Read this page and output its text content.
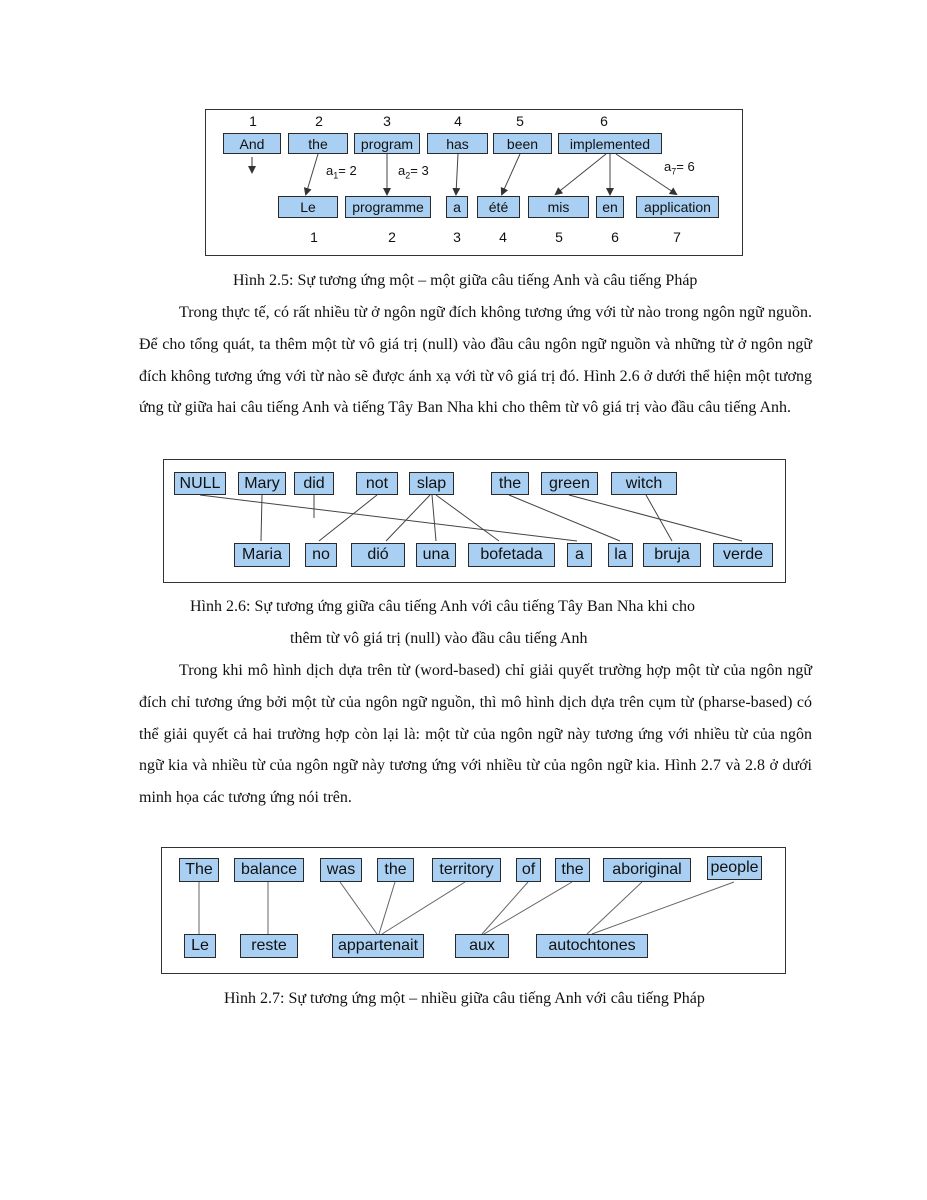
1	2	3	4	5	6
And	the	program	has	been	implemented
$a_1= 2$	$a_2= 3$	$a_7= 6$
Le	programme	a	été	mis	en	application
1	2	3	4	5	6	7
Hình 2.5: Sự tương ứng một – một giữa câu tiếng Anh và câu tiếng Pháp

Trong thực tế, có rất nhiều từ ở ngôn ngữ đích không tương ứng với từ nào trong ngôn ngữ nguồn. Để cho tổng quát, ta thêm một từ vô giá trị (null) vào đầu câu ngôn ngữ nguồn và những từ ở ngôn ngữ đích không tương ứng với từ nào sẽ được ánh xạ với từ vô giá trị đó. Hình 2.6 ở dưới thể hiện một tương ứng từ giữa hai câu tiếng Anh và tiếng Tây Ban Nha khi cho thêm từ vô giá trị vào đầu câu tiếng Anh.

NULL	Mary	did	not	slap	the	green	witch
Maria	no	dió	una	bofetada	a	la	bruja	verde
Hình 2.6: Sự tương ứng giữa câu tiếng Anh với câu tiếng Tây Ban Nha khi cho
thêm từ vô giá trị (null) vào đầu câu tiếng Anh

Trong khi mô hình dịch dựa trên từ (word-based) chỉ giải quyết trường hợp một từ của ngôn ngữ đích chỉ tương ứng bởi một từ của ngôn ngữ nguồn, thì mô hình dịch dựa trên cụm từ (pharse-based) có thể giải quyết cả hai trường hợp còn lại là: một từ của ngôn ngữ này tương ứng với nhiều từ của ngôn ngữ kia và nhiều từ của ngôn ngữ này tương ứng với nhiều từ của ngôn ngữ kia. Hình 2.7 và 2.8 ở dưới minh họa các tương ứng nói trên.

The	balance	was	the	territory	of	the	aboriginal	people
Le	reste	appartenait	aux	autochtones
Hình 2.7: Sự tương ứng một – nhiều giữa câu tiếng Anh với câu tiếng Pháp
